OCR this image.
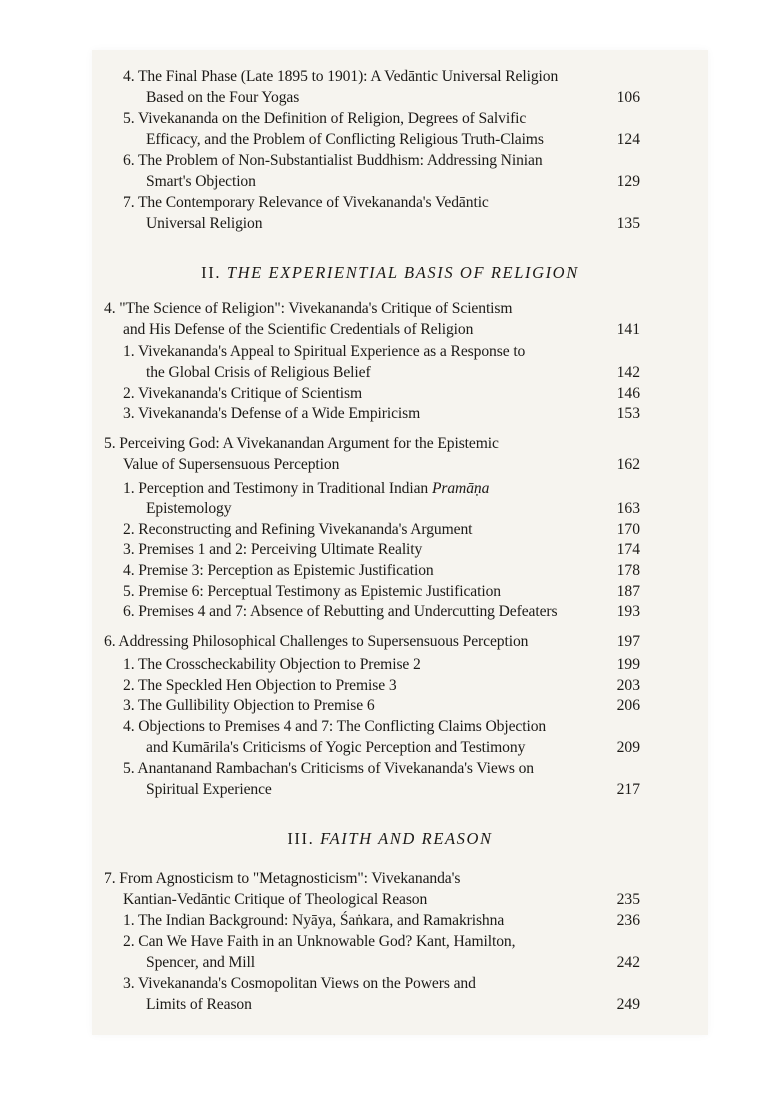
4. The Final Phase (Late 1895 to 1901): A Vedāntic Universal Religion
Based on the Four Yogas	106
5. Vivekananda on the Definition of Religion, Degrees of Salvific
Efficacy, and the Problem of Conflicting Religious Truth-Claims	124
6. The Problem of Non-Substantialist Buddhism: Addressing Ninian
Smart's Objection	129
7. The Contemporary Relevance of Vivekananda's Vedāntic
Universal Religion	135
4. "The Science of Religion": Vivekananda's Critique of Scientism
and His Defense of the Scientific Credentials of Religion	141
1. Vivekananda's Appeal to Spiritual Experience as a Response to
the Global Crisis of Religious Belief	142
2. Vivekananda's Critique of Scientism	146
3. Vivekananda's Defense of a Wide Empiricism	153
5. Perceiving God: A Vivekanandan Argument for the Epistemic
Value of Supersensuous Perception	162
1. Perception and Testimony in Traditional Indian Pramāṇa
Epistemology	163
2. Reconstructing and Refining Vivekananda's Argument	170
3. Premises 1 and 2: Perceiving Ultimate Reality	174
4. Premise 3: Perception as Epistemic Justification	178
5. Premise 6: Perceptual Testimony as Epistemic Justification	187
6. Premises 4 and 7: Absence of Rebutting and Undercutting Defeaters	193
6. Addressing Philosophical Challenges to Supersensuous Perception	197
1. The Crosscheckability Objection to Premise 2	199
2. The Speckled Hen Objection to Premise 3	203
3. The Gullibility Objection to Premise 6	206
4. Objections to Premises 4 and 7: The Conflicting Claims Objection
and Kumārila's Criticisms of Yogic Perception and Testimony	209
5. Anantanand Rambachan's Criticisms of Vivekananda's Views on
Spiritual Experience	217
7. From Agnosticism to "Metagnosticism": Vivekananda's
Kantian-Vedāntic Critique of Theological Reason	235
1. The Indian Background: Nyāya, Śaṅkara, and Ramakrishna	236
2. Can We Have Faith in an Unknowable God? Kant, Hamilton,
Spencer, and Mill	242
3. Vivekananda's Cosmopolitan Views on the Powers and
Limits of Reason	249
II. THE EXPERIENTIAL BASIS OF RELIGION
III. FAITH AND REASON
